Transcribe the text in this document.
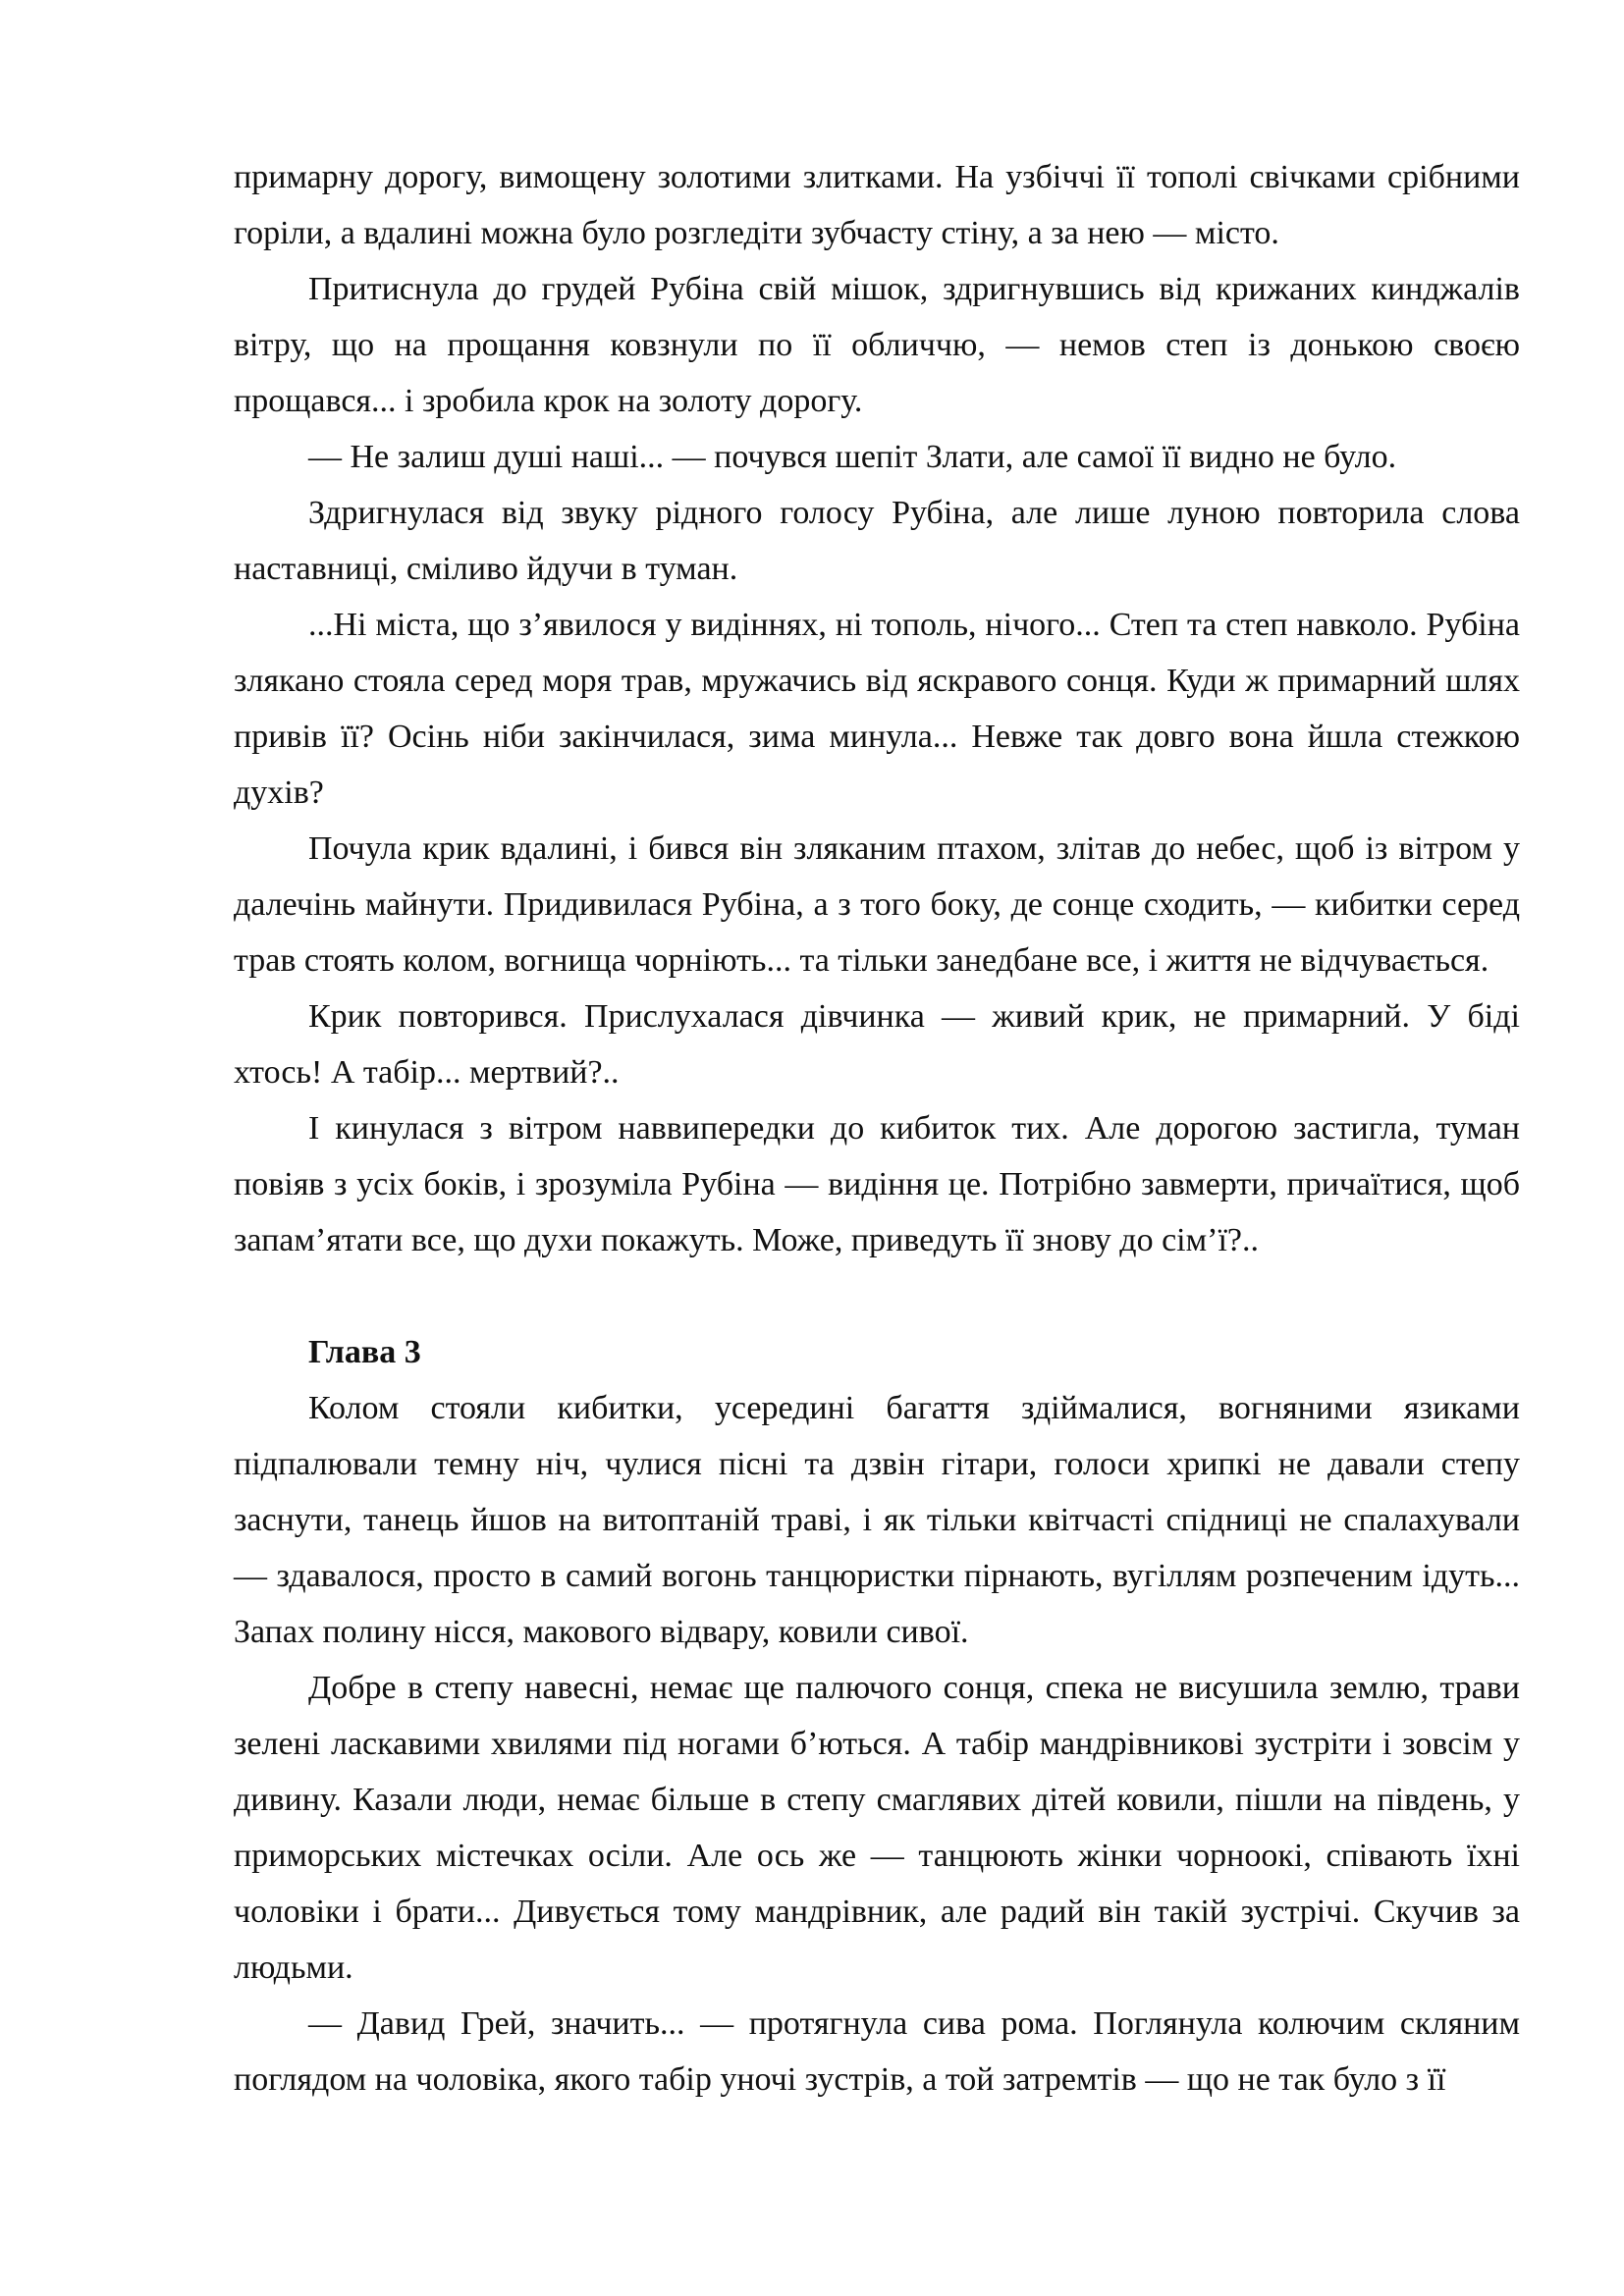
примарну дорогу, вимощену золотими злитками. На узбіччі її тополі свічками срібними горіли, а вдалині можна було розгледіти зубчасту стіну, а за нею — місто.

Притиснула до грудей Рубіна свій мішок, здригнувшись від крижаних кинджалів вітру, що на прощання ковзнули по її обличчю, — немов степ із донькою своєю прощався... і зробила крок на золоту дорогу.

— Не залиш душі наші... — почувся шепіт Злати, але самої її видно не було.

Здригнулася від звуку рідного голосу Рубіна, але лише луною повторила слова наставниці, сміливо йдучи в туман.

...Ні міста, що з’явилося у видіннях, ні тополь, нічого... Степ та степ навколо. Рубіна злякано стояла серед моря трав, мружачись від яскравого сонця. Куди ж примарний шлях привів її? Осінь ніби закінчилася, зима минула... Невже так довго вона йшла стежкою духів?

Почула крик вдалині, і бився він зляканим птахом, злітав до небес, щоб із вітром у далечінь майнути. Придивилася Рубіна, а з того боку, де сонце сходить, — кибитки серед трав стоять колом, вогнища чорніють... та тільки занедбане все, і життя не відчувається.

Крик повторився. Прислухалася дівчинка — живий крик, не примарний. У біді хтось! А табір... мертвий?..

І кинулася з вітром наввипередки до кибиток тих. Але дорогою застигла, туман повіяв з усіх боків, і зрозуміла Рубіна — видіння це. Потрібно завмерти, причаїтися, щоб запам’ятати все, що духи покажуть. Може, приведуть її знову до сім’ї?..

Глава 3

Колом стояли кибитки, усередині багаття здіймалися, вогняними язиками підпалювали темну ніч, чулися пісні та дзвін гітари, голоси хрипкі не давали степу заснути, танець йшов на витоптаній траві, і як тільки квітчасті спідниці не спалахували — здавалося, просто в самий вогонь танцюристки пірнають, вугіллям розпеченим ідуть... Запах полину нісся, макового відвару, ковили сивої.

Добре в степу навесні, немає ще палючого сонця, спека не висушила землю, трави зелені ласкавими хвилями під ногами б’ються. А табір мандрівникові зустріти і зовсім у дивину. Казали люди, немає більше в степу смаглявих дітей ковили, пішли на південь, у приморських містечках осіли. Але ось же — танцюють жінки чорноокі, співають їхні чоловіки і брати... Дивується тому мандрівник, але радий він такій зустрічі. Скучив за людьми.

— Давид Грей, значить... — протягнула сива рома. Поглянула колючим скляним поглядом на чоловіка, якого табір уночі зустрів, а той затремтів — що не так було з її
